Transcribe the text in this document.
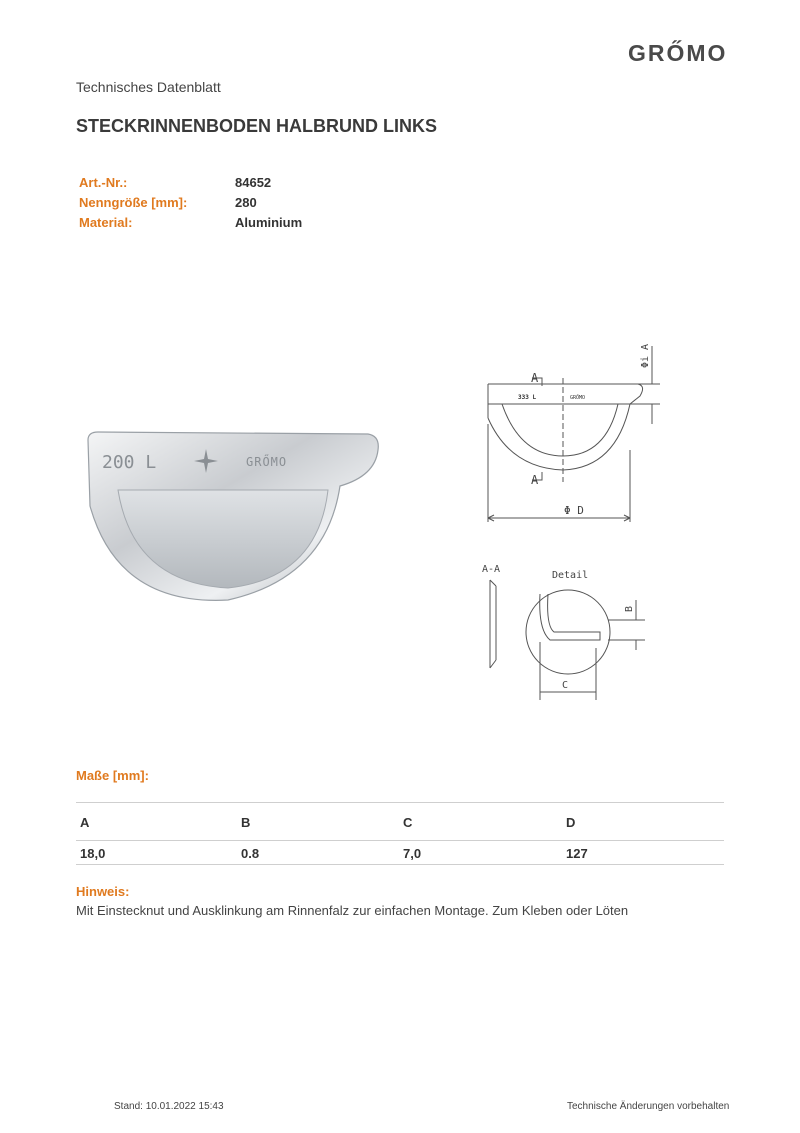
GRŐMO
Technisches Datenblatt
STECKRINNENBODEN HALBRUND LINKS
Art.-Nr.:	84652
Nenngröße [mm]:	280
Material:	Aluminium
200 L	GRŐMO
A
A
333 L	GRŐMO
Φ D
Φi A
A-A
Detail
B
C
Maße [mm]:
A	B	C	D
18,0	0.8	7,0	127
Hinweis:
Mit Einstecknut und Ausklinkung am Rinnenfalz zur einfachen Montage. Zum Kleben oder Löten
Stand: 10.01.2022 15:43	Technische Änderungen vorbehalten
